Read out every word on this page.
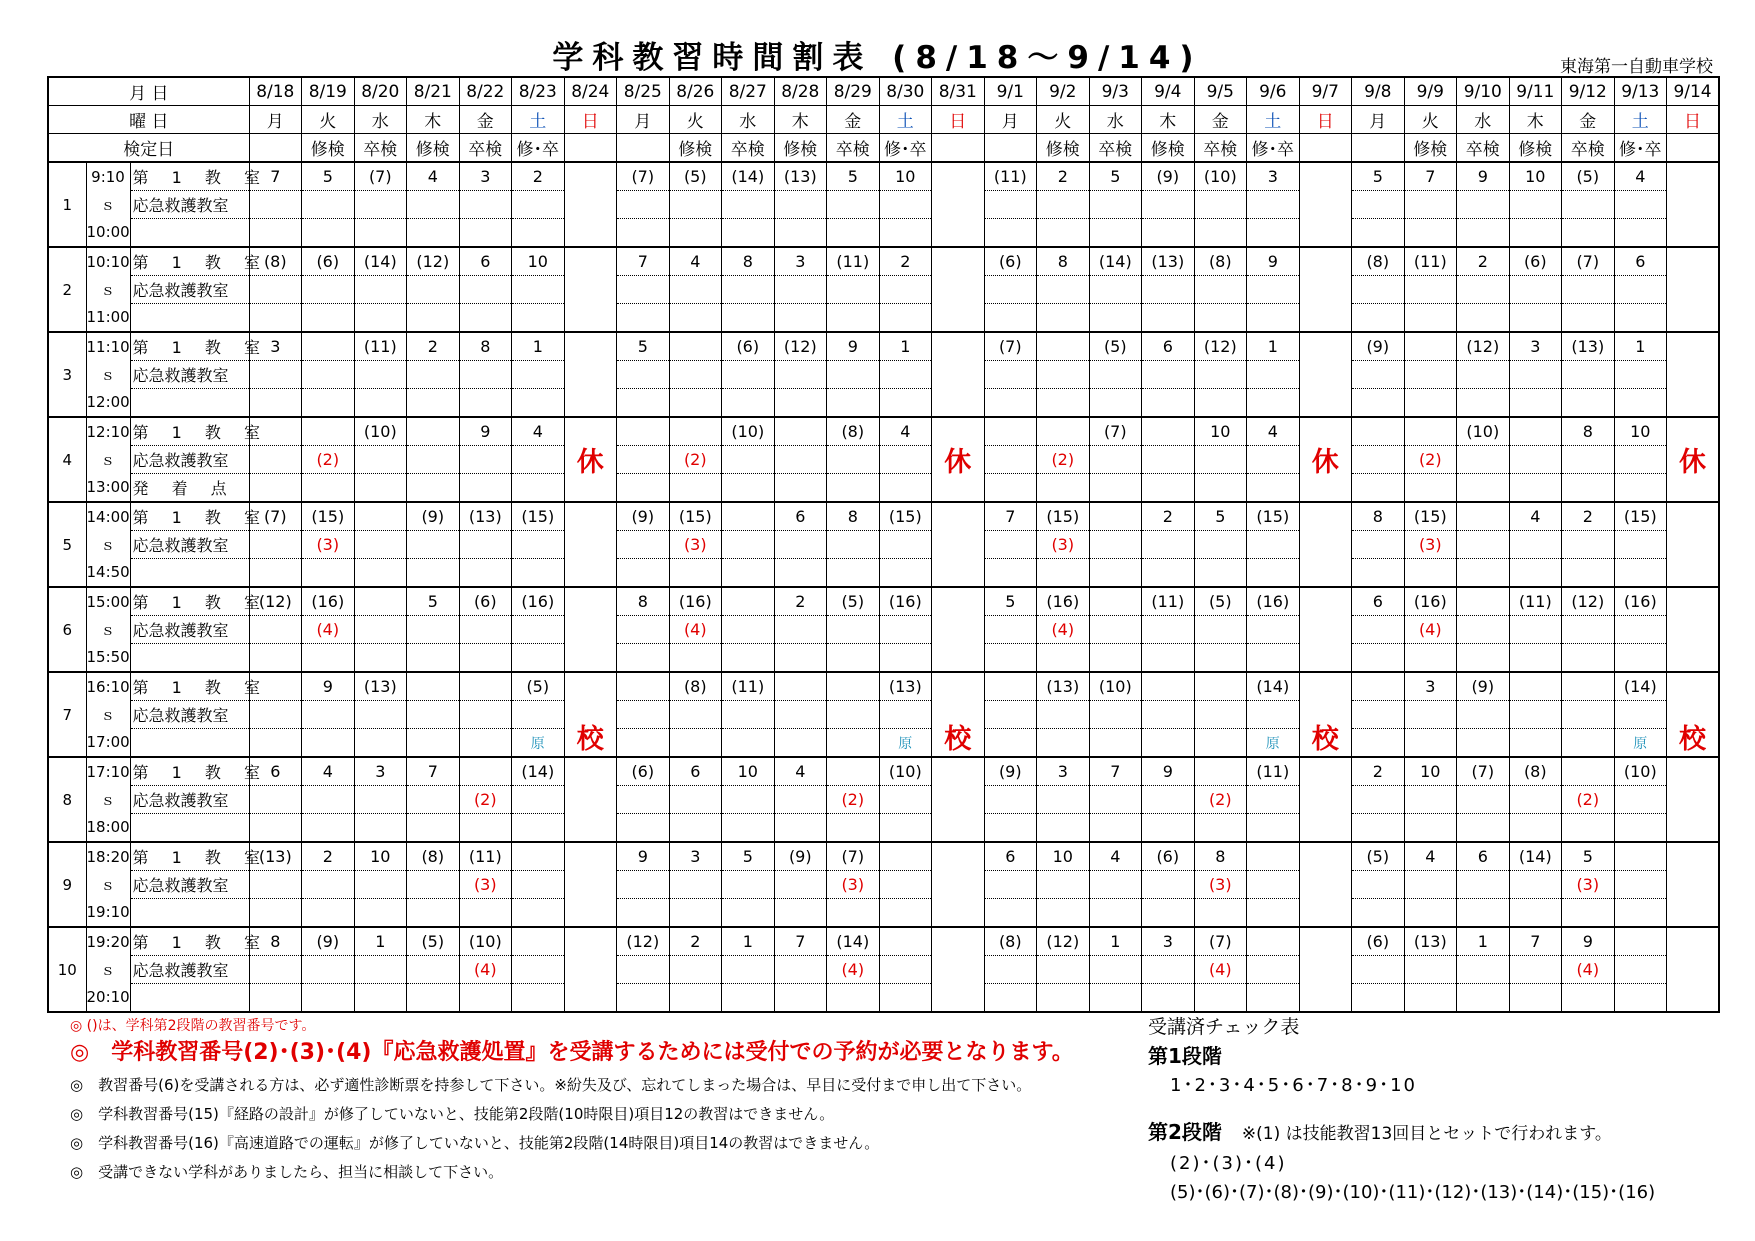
学科教習時間割表 (8/18〜9/14)	東海第一自動車学校
月 日			8/18	8/19	8/20	8/21	8/22	8/23	8/24	8/25	8/26	8/27	8/28	8/29	8/30	8/31	9/1	9/2	9/3	9/4	9/5	9/6	9/7	9/8	9/9	9/10	9/11	9/12	9/13	9/14
曜 日			月	火	水	木	金	土	日	月	火	水	木	金	土	日	月	火	水	木	金	土	日	月	火	水	木	金	土	日
検定日				修検	卒検	修検	卒検	修･卒			修検	卒検	修検	卒検	修･卒			修検	卒検	修検	卒検	修･卒			修検	卒検	修検	卒検	修･卒	
1	9:10	第 1 教 室	7	5	(7)	4	3	2		(7)	(5)	(14)	(13)	5	10		(11)	2	5	(9)	(10)	3		5	7	9	10	(5)	4	
	ｓ	応急救護教室																												
	10:00																													
2	10:10	第 1 教 室	(8)	(6)	(14)	(12)	6	10		7	4	8	3	(11)	2		(6)	8	(14)	(13)	(8)	9		(8)	(11)	2	(6)	(7)	6	
	ｓ	応急救護教室																												
	11:00																													
3	11:10	第 1 教 室	3		(11)	2	8	1		5		(6)	(12)	9	1		(7)		(5)	6	(12)	1		(9)		(12)	3	(13)	1	
	ｓ	応急救護教室																												
	12:00																													
4	12:10	第 1 教 室			(10)		9	4	休			(10)		(8)	4	休			(7)		10	4	休			(10)		8	10	休
	ｓ	応急救護教室		(2)							(2)							(2)							(2)					
	13:00	発 着 点																												
5	14:00	第 1 教 室	(7)	(15)		(9)	(13)	(15)		(9)	(15)		6	8	(15)		7	(15)		2	5	(15)		8	(15)		4	2	(15)	
	ｓ	応急救護教室		(3)							(3)							(3)							(3)					
	14:50																													
6	15:00	第 1 教 室	(12)	(16)		5	(6)	(16)		8	(16)		2	(5)	(16)		5	(16)		(11)	(5)	(16)		6	(16)		(11)	(12)	(16)	
	ｓ	応急救護教室		(4)							(4)							(4)							(4)					
	15:50																													
7	16:10	第 1 教 室		9	(13)			(5)	校		(8)	(11)			(13)	校		(13)	(10)			(14)	校		3	(9)			(14)	校
	ｓ	応急救護教室																												
	17:00							原							原							原							原	
8	17:10	第 1 教 室	6	4	3	7		(14)		(6)	6	10	4		(10)		(9)	3	7	9		(11)		2	10	(7)	(8)		(10)	
	ｓ	応急救護教室					(2)							(2)							(2)							(2)		
	18:00																													
9	18:20	第 1 教 室	(13)	2	10	(8)	(11)			9	3	5	(9)	(7)			6	10	4	(6)	8			(5)	4	6	(14)	5		
	ｓ	応急救護教室					(3)							(3)							(3)							(3)		
	19:10																													
10	19:20	第 1 教 室	8	(9)	1	(5)	(10)			(12)	2	1	7	(14)			(8)	(12)	1	3	(7)			(6)	(13)	1	7	9		
	ｓ	応急救護教室					(4)							(4)							(4)							(4)		
	20:10																													
◎ ()は、学科第2段階の教習番号です。
◎　学科教習番号(2)･(3)･(4)『応急救護処置』を受講するためには受付での予約が必要となります。
◎　教習番号(6)を受講される方は、必ず適性診断票を持参して下さい。※紛失及び、忘れてしまった場合は、早目に受付まで申し出て下さい。
◎　学科教習番号(15)『経路の設計』が修了していないと、技能第2段階(10時限目)項目12の教習はできません。
◎　学科教習番号(16)『高速道路での運転』が修了していないと、技能第2段階(14時限目)項目14の教習はできません。
◎　受講できない学科がありましたら、担当に相談して下さい。
受講済チェック表
第1段階
1･2･3･4･5･6･7･8･9･10
第2段階　 ※(1) は技能教習13回目とセットで行われます。
(2)･(3)･(4)
(5)･(6)･(7)･(8)･(9)･(10)･(11)･(12)･(13)･(14)･(15)･(16)
